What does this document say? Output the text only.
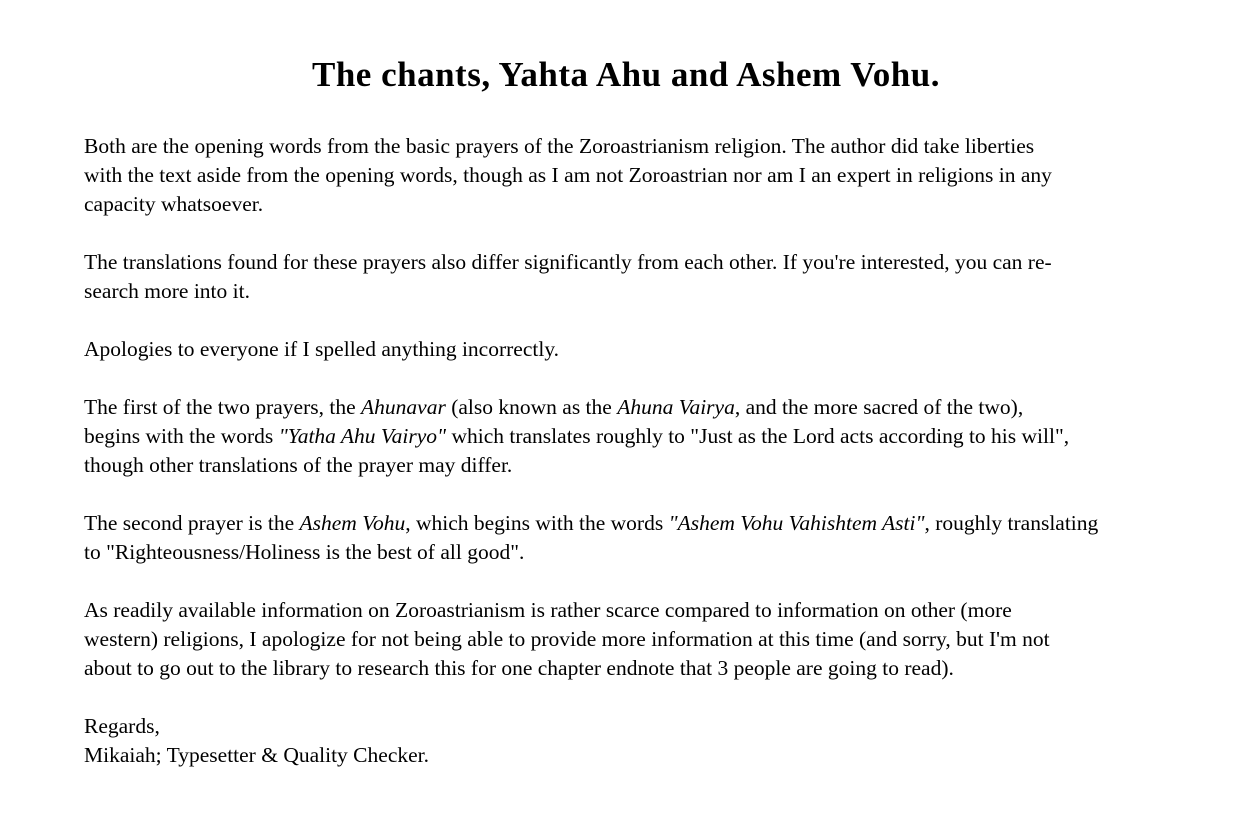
The chants, Yahta Ahu and Ashem Vohu.
Both are the opening words from the basic prayers of the Zoroastrianism religion. The author did take liberties
with the text aside from the opening words, though as I am not Zoroastrian nor am I an expert in religions in any
capacity whatsoever.
The translations found for these prayers also differ significantly from each other. If you're interested, you can re-
search more into it.
Apologies to everyone if I spelled anything incorrectly.
The first of the two prayers, the Ahunavar (also known as the Ahuna Vairya, and the more sacred of the two),
begins with the words "Yatha Ahu Vairyo" which translates roughly to "Just as the Lord acts according to his will",
though other translations of the prayer may differ.
The second prayer is the Ashem Vohu, which begins with the words "Ashem Vohu Vahishtem Asti", roughly translating
to "Righteousness/Holiness is the best of all good".
As readily available information on Zoroastrianism is rather scarce compared to information on other (more
western) religions, I apologize for not being able to provide more information at this time (and sorry, but I'm not
about to go out to the library to research this for one chapter endnote that 3 people are going to read).
Regards,
Mikaiah; Typesetter & Quality Checker.
